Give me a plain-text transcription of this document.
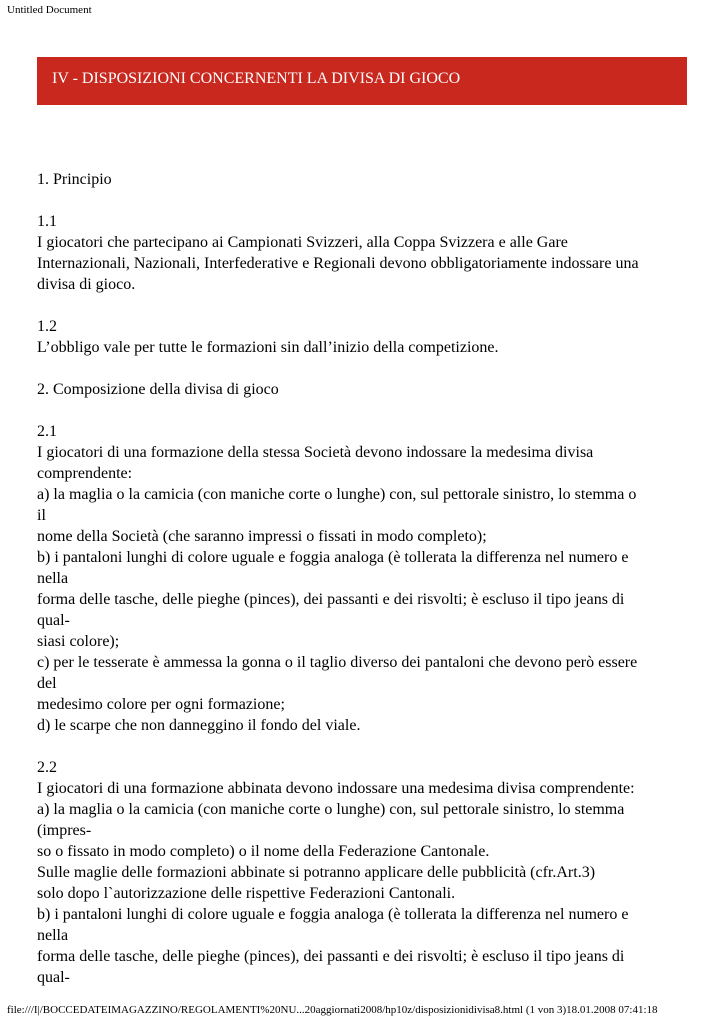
Untitled Document
IV - DISPOSIZIONI CONCERNENTI LA DIVISA DI GIOCO
1. Principio
1.1
I giocatori che partecipano ai Campionati Svizzeri, alla Coppa Svizzera e alle Gare
Internazionali, Nazionali, Interfederative e Regionali devono obbligatoriamente indossare una
divisa di gioco.
1.2
L’obbligo vale per tutte le formazioni sin dall’inizio della competizione.
2. Composizione della divisa di gioco
2.1
I giocatori di una formazione della stessa Società devono indossare la medesima divisa
comprendente:
a) la maglia o la camicia (con maniche corte o lunghe) con, sul pettorale sinistro, lo stemma o
il
nome della Società (che saranno impressi o fissati in modo completo);
b) i pantaloni lunghi di colore uguale e foggia analoga (è tollerata la differenza nel numero e
nella
forma delle tasche, delle pieghe (pinces), dei passanti e dei risvolti; è escluso il tipo jeans di
qual-
siasi colore);
c) per le tesserate è ammessa la gonna o il taglio diverso dei pantaloni che devono però essere
del
medesimo colore per ogni formazione;
d) le scarpe che non danneggino il fondo del viale.
2.2
I giocatori di una formazione abbinata devono indossare una medesima divisa comprendente:
a) la maglia o la camicia (con maniche corte o lunghe) con, sul pettorale sinistro, lo stemma
(impres-
so o fissato in modo completo) o il nome della Federazione Cantonale.
Sulle maglie delle formazioni abbinate si potranno applicare delle pubblicità (cfr.Art.3)
solo dopo l`autorizzazione delle rispettive Federazioni Cantonali.
b) i pantaloni lunghi di colore uguale e foggia analoga (è tollerata la differenza nel numero e
nella
forma delle tasche, delle pieghe (pinces), dei passanti e dei risvolti; è escluso il tipo jeans di
qual-
file:///I|/BOCCEDATEIMAGAZZINO/REGOLAMENTI%20NU...20aggiornati2008/hp10z/disposizionidivisa8.html (1 von 3)18.01.2008 07:41:18
